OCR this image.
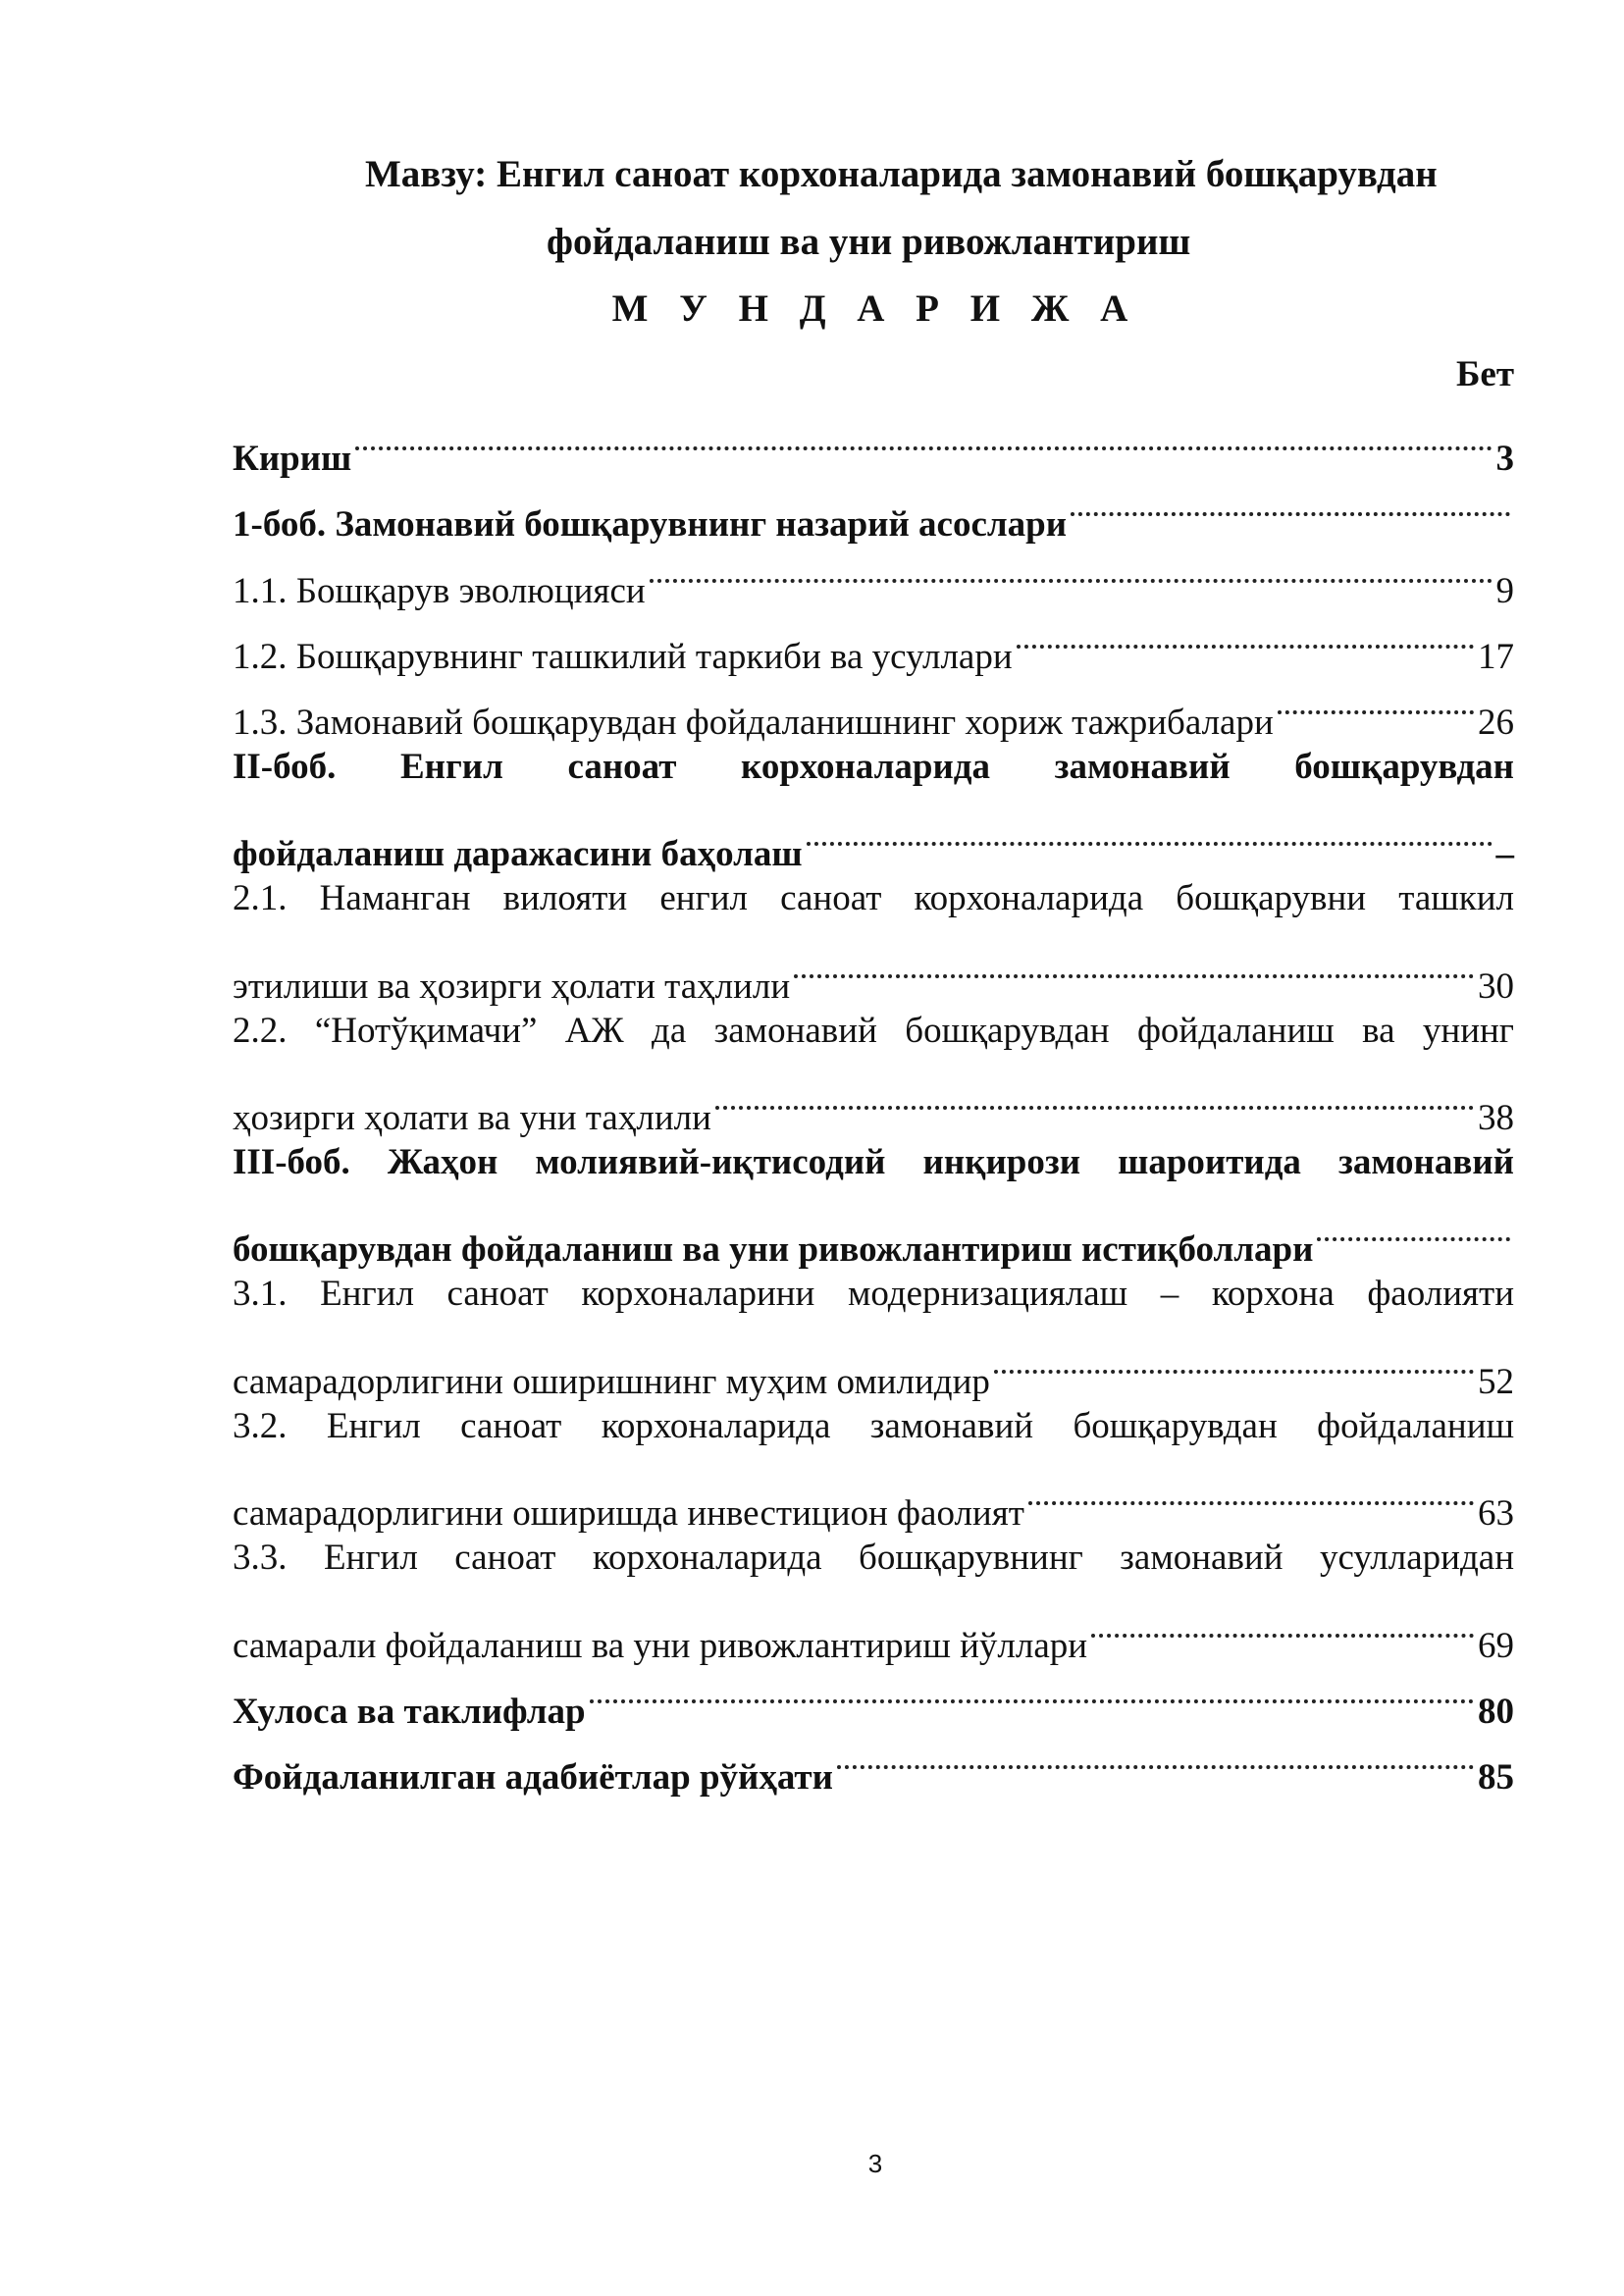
Мавзу: Енгил саноат корхоналарида замонавий бошқарувдан
фойдаланиш ва уни ривожлантириш
М У Н Д А Р И Ж А
Бет
Кириш	3
1-боб. Замонавий бошқарувнинг назарий асослари
1.1. Бошқарув эволюцияси	9
1.2. Бошқарувнинг ташкилий таркиби ва усуллари	17
1.3. Замонавий бошқарувдан фойдаланишнинг хориж тажрибалари	26
II-боб. Енгил саноат корхоналарида замонавий бошқарувдан
фойдаланиш даражасини баҳолаш	–
2.1. Наманган вилояти енгил саноат корхоналарида бошқарувни ташкил
этилиши ва ҳозирги ҳолати таҳлили	30
2.2. “Нотўқимачи” АЖ да замонавий бошқарувдан фойдаланиш ва унинг
ҳозирги ҳолати ва уни таҳлили	38
III-боб. Жаҳон молиявий-иқтисодий инқирози шароитида замонавий
бошқарувдан фойдаланиш ва уни ривожлантириш истиқболлари
3.1. Енгил саноат корхоналарини модернизациялаш – корхона фаолияти
самарадорлигини оширишнинг муҳим омилидир	52
3.2. Енгил саноат корхоналарида замонавий бошқарувдан фойдаланиш
самарадорлигини оширишда инвестицион фаолият	63
3.3. Енгил саноат корхоналарида бошқарувнинг замонавий усулларидан
самарали фойдаланиш ва уни ривожлантириш йўллари	69
Хулоса ва таклифлар	80
Фойдаланилган адабиётлар рўйҳати	85
3
